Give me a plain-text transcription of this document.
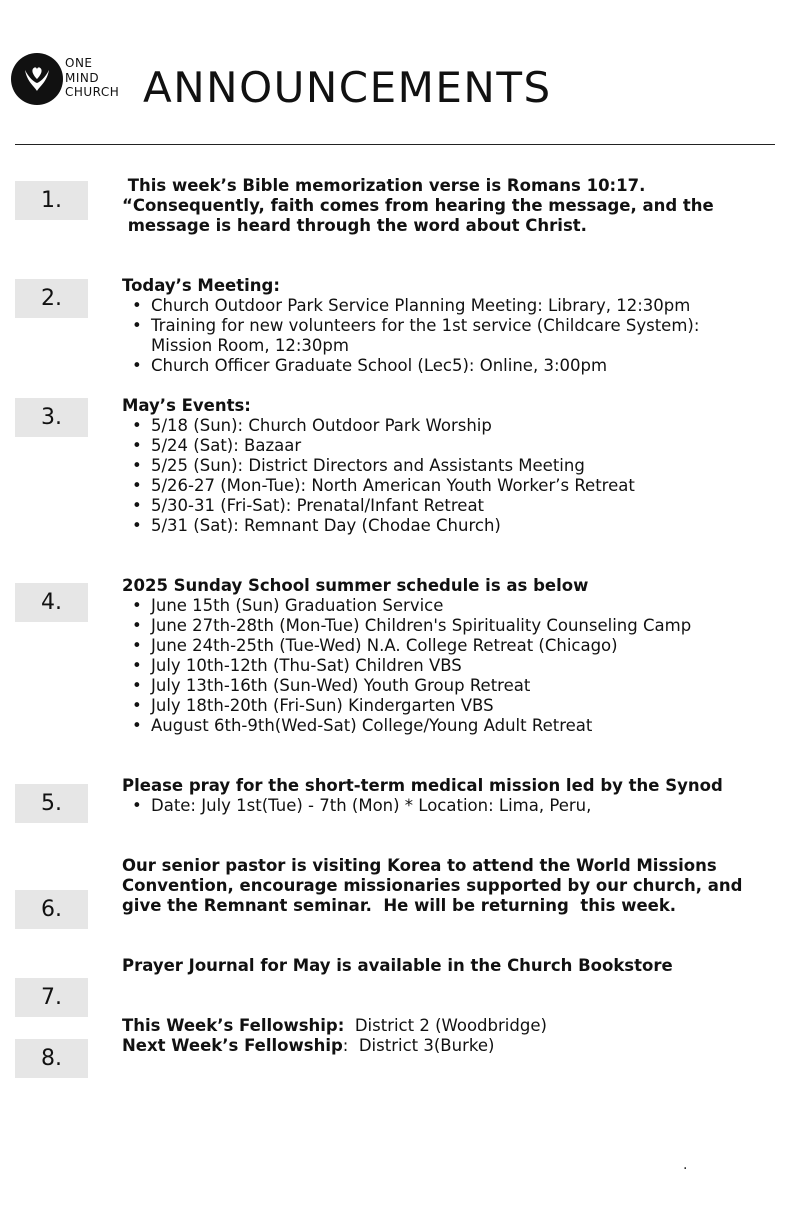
ONE
MIND
CHURCH ANNOUNCEMENTS
1.
2.
3.
4.
5.
6.
7.
8.
This week’s Bible memorization verse is Romans 10:17.
“Consequently, faith comes from hearing the message, and the
message is heard through the word about Christ.
Today’s Meeting:
• Church Outdoor Park Service Planning Meeting: Library, 12:30pm
• Training for new volunteers for the 1st service (Childcare System): Mission Room, 12:30pm
• Church Officer Graduate School (Lec5): Online, 3:00pm
May’s Events:
• 5/18 (Sun): Church Outdoor Park Worship
• 5/24 (Sat): Bazaar
• 5/25 (Sun): District Directors and Assistants Meeting
• 5/26-27 (Mon-Tue): North American Youth Worker’s Retreat
• 5/30-31 (Fri-Sat): Prenatal/Infant Retreat
• 5/31 (Sat): Remnant Day (Chodae Church)
2025 Sunday School summer schedule is as below
• June 15th (Sun) Graduation Service
• June 27th-28th (Mon-Tue) Children's Spirituality Counseling Camp
• June 24th-25th (Tue-Wed) N.A. College Retreat (Chicago)
• July 10th-12th (Thu-Sat) Children VBS
• July 13th-16th (Sun-Wed) Youth Group Retreat
• July 18th-20th (Fri-Sun) Kindergarten VBS
• August 6th-9th(Wed-Sat) College/Young Adult Retreat
Please pray for the short-term medical mission led by the Synod
• Date: July 1st(Tue) - 7th (Mon) * Location: Lima, Peru,
Our senior pastor is visiting Korea to attend the World Missions
Convention, encourage missionaries supported by our church, and
give the Remnant seminar.  He will be returning  this week.
Prayer Journal for May is available in the Church Bookstore
This Week’s Fellowship:  District 2 (Woodbridge)
Next Week’s Fellowship:  District 3(Burke)
.
